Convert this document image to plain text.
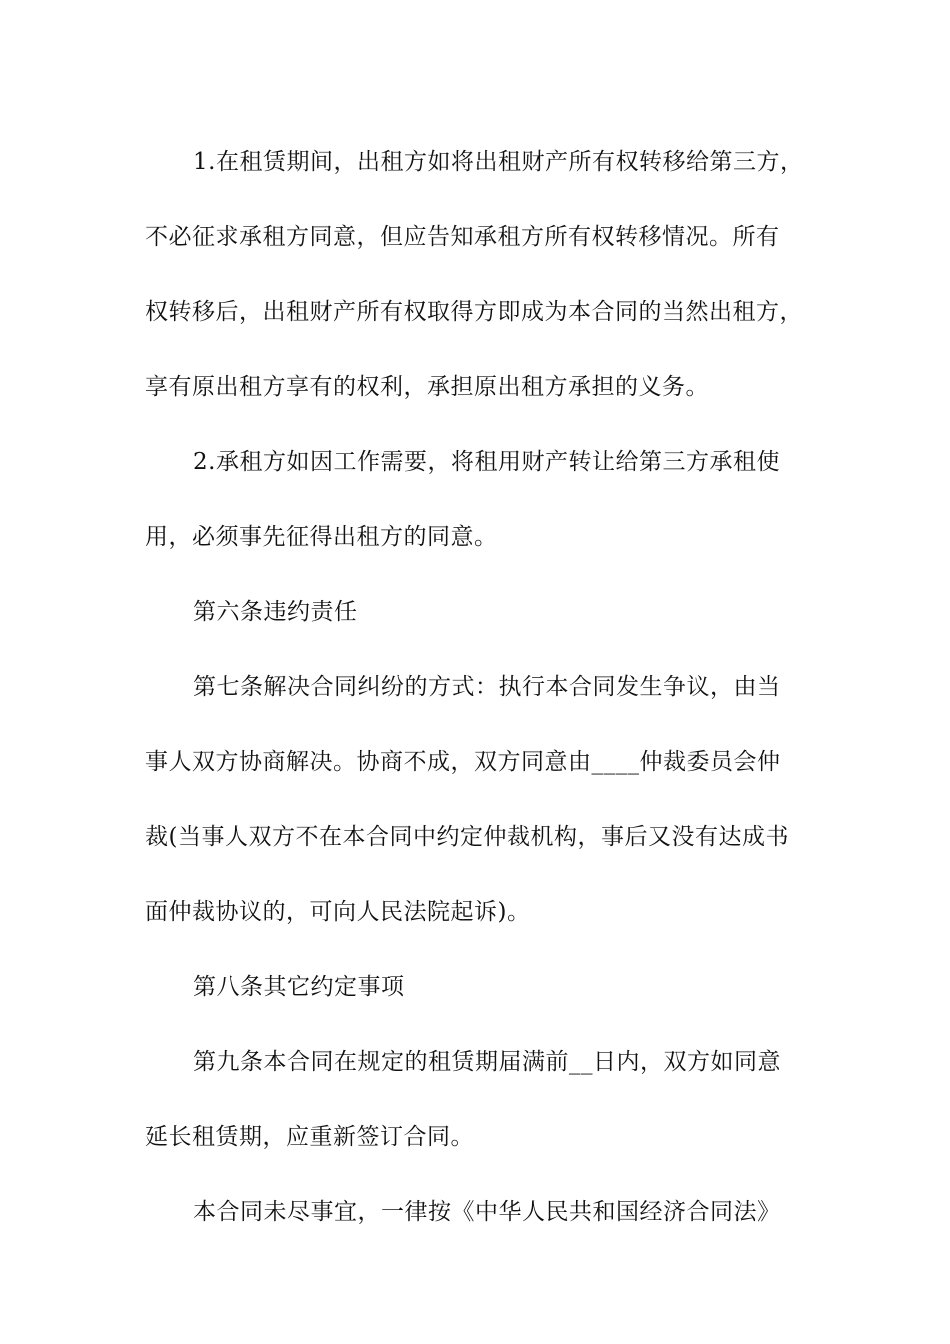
1.在租赁期间，出租方如将出租财产所有权转移给第三方，
不必征求承租方同意，但应告知承租方所有权转移情况。所有
权转移后，出租财产所有权取得方即成为本合同的当然出租方，
享有原出租方享有的权利，承担原出租方承担的义务。
2.承租方如因工作需要，将租用财产转让给第三方承租使
用，必须事先征得出租方的同意。
第六条违约责任
第七条解决合同纠纷的方式：执行本合同发生争议，由当
事人双方协商解决。协商不成，双方同意由____仲裁委员会仲
裁(当事人双方不在本合同中约定仲裁机构，事后又没有达成书
面仲裁协议的，可向人民法院起诉)。
第八条其它约定事项
第九条本合同在规定的租赁期届满前__日内，双方如同意
延长租赁期，应重新签订合同。
本合同未尽事宜，一律按《中华人民共和国经济合同法》
